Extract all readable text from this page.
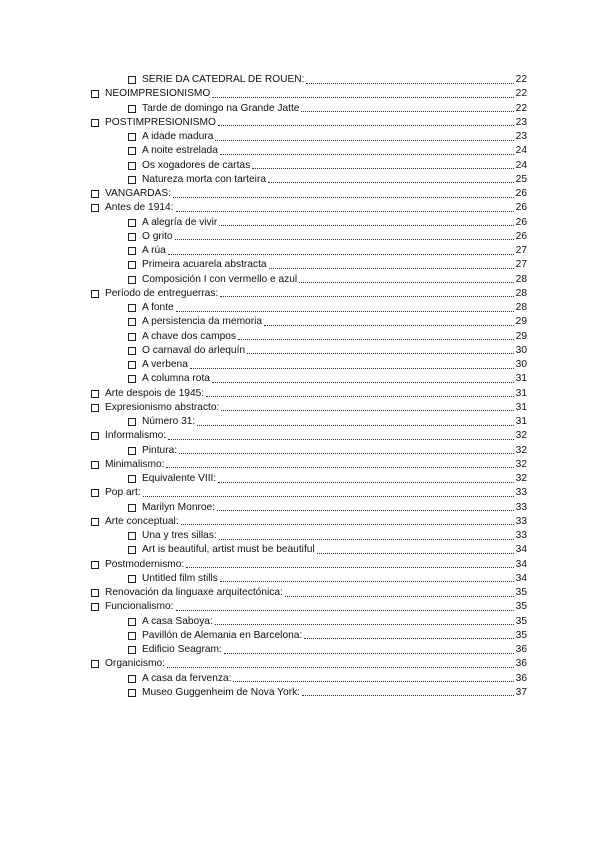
SERIE DA CATEDRAL DE ROUEN:	22
NEOIMPRESIONISMO	22
Tarde de domingo na Grande Jatte	22
POSTIMPRESIONISMO	23
A idade madura	23
A noite estrelada	24
Os xogadores de cartas	24
Natureza morta con tarteira	25
VANGARDAS:	26
Antes de 1914:	26
A alegría de vivir	26
O grito	26
A rúa	27
Primeira acuarela abstracta	27
Composición I con vermello e azul	28
Período de entreguerras:	28
A fonte	28
A persistencia da memoria	29
A chave dos campos	29
O carnaval do arlequín	30
A verbena	30
A columna rota	31
Arte despois de 1945:	31
Expresionismo abstracto:	31
Número 31:	31
Informalismo:	32
Pintura:	32
Minimalismo:	32
Equivalente VIII:	32
Pop art:	33
Marilyn Monroe:	33
Arte conceptual:	33
Una y tres sillas:	33
Art is beautiful, artist must be beautiful	34
Postmodernismo:	34
Untitled film stills	34
Renovación da linguaxe arquitectónica:	35
Funcionalismo:	35
A casa Saboya:	35
Pavillón de Alemania en Barcelona:	35
Edificio Seagram:	36
Organicismo:	36
A casa da fervenza:	36
Museo Guggenheim de Nova York:	37
